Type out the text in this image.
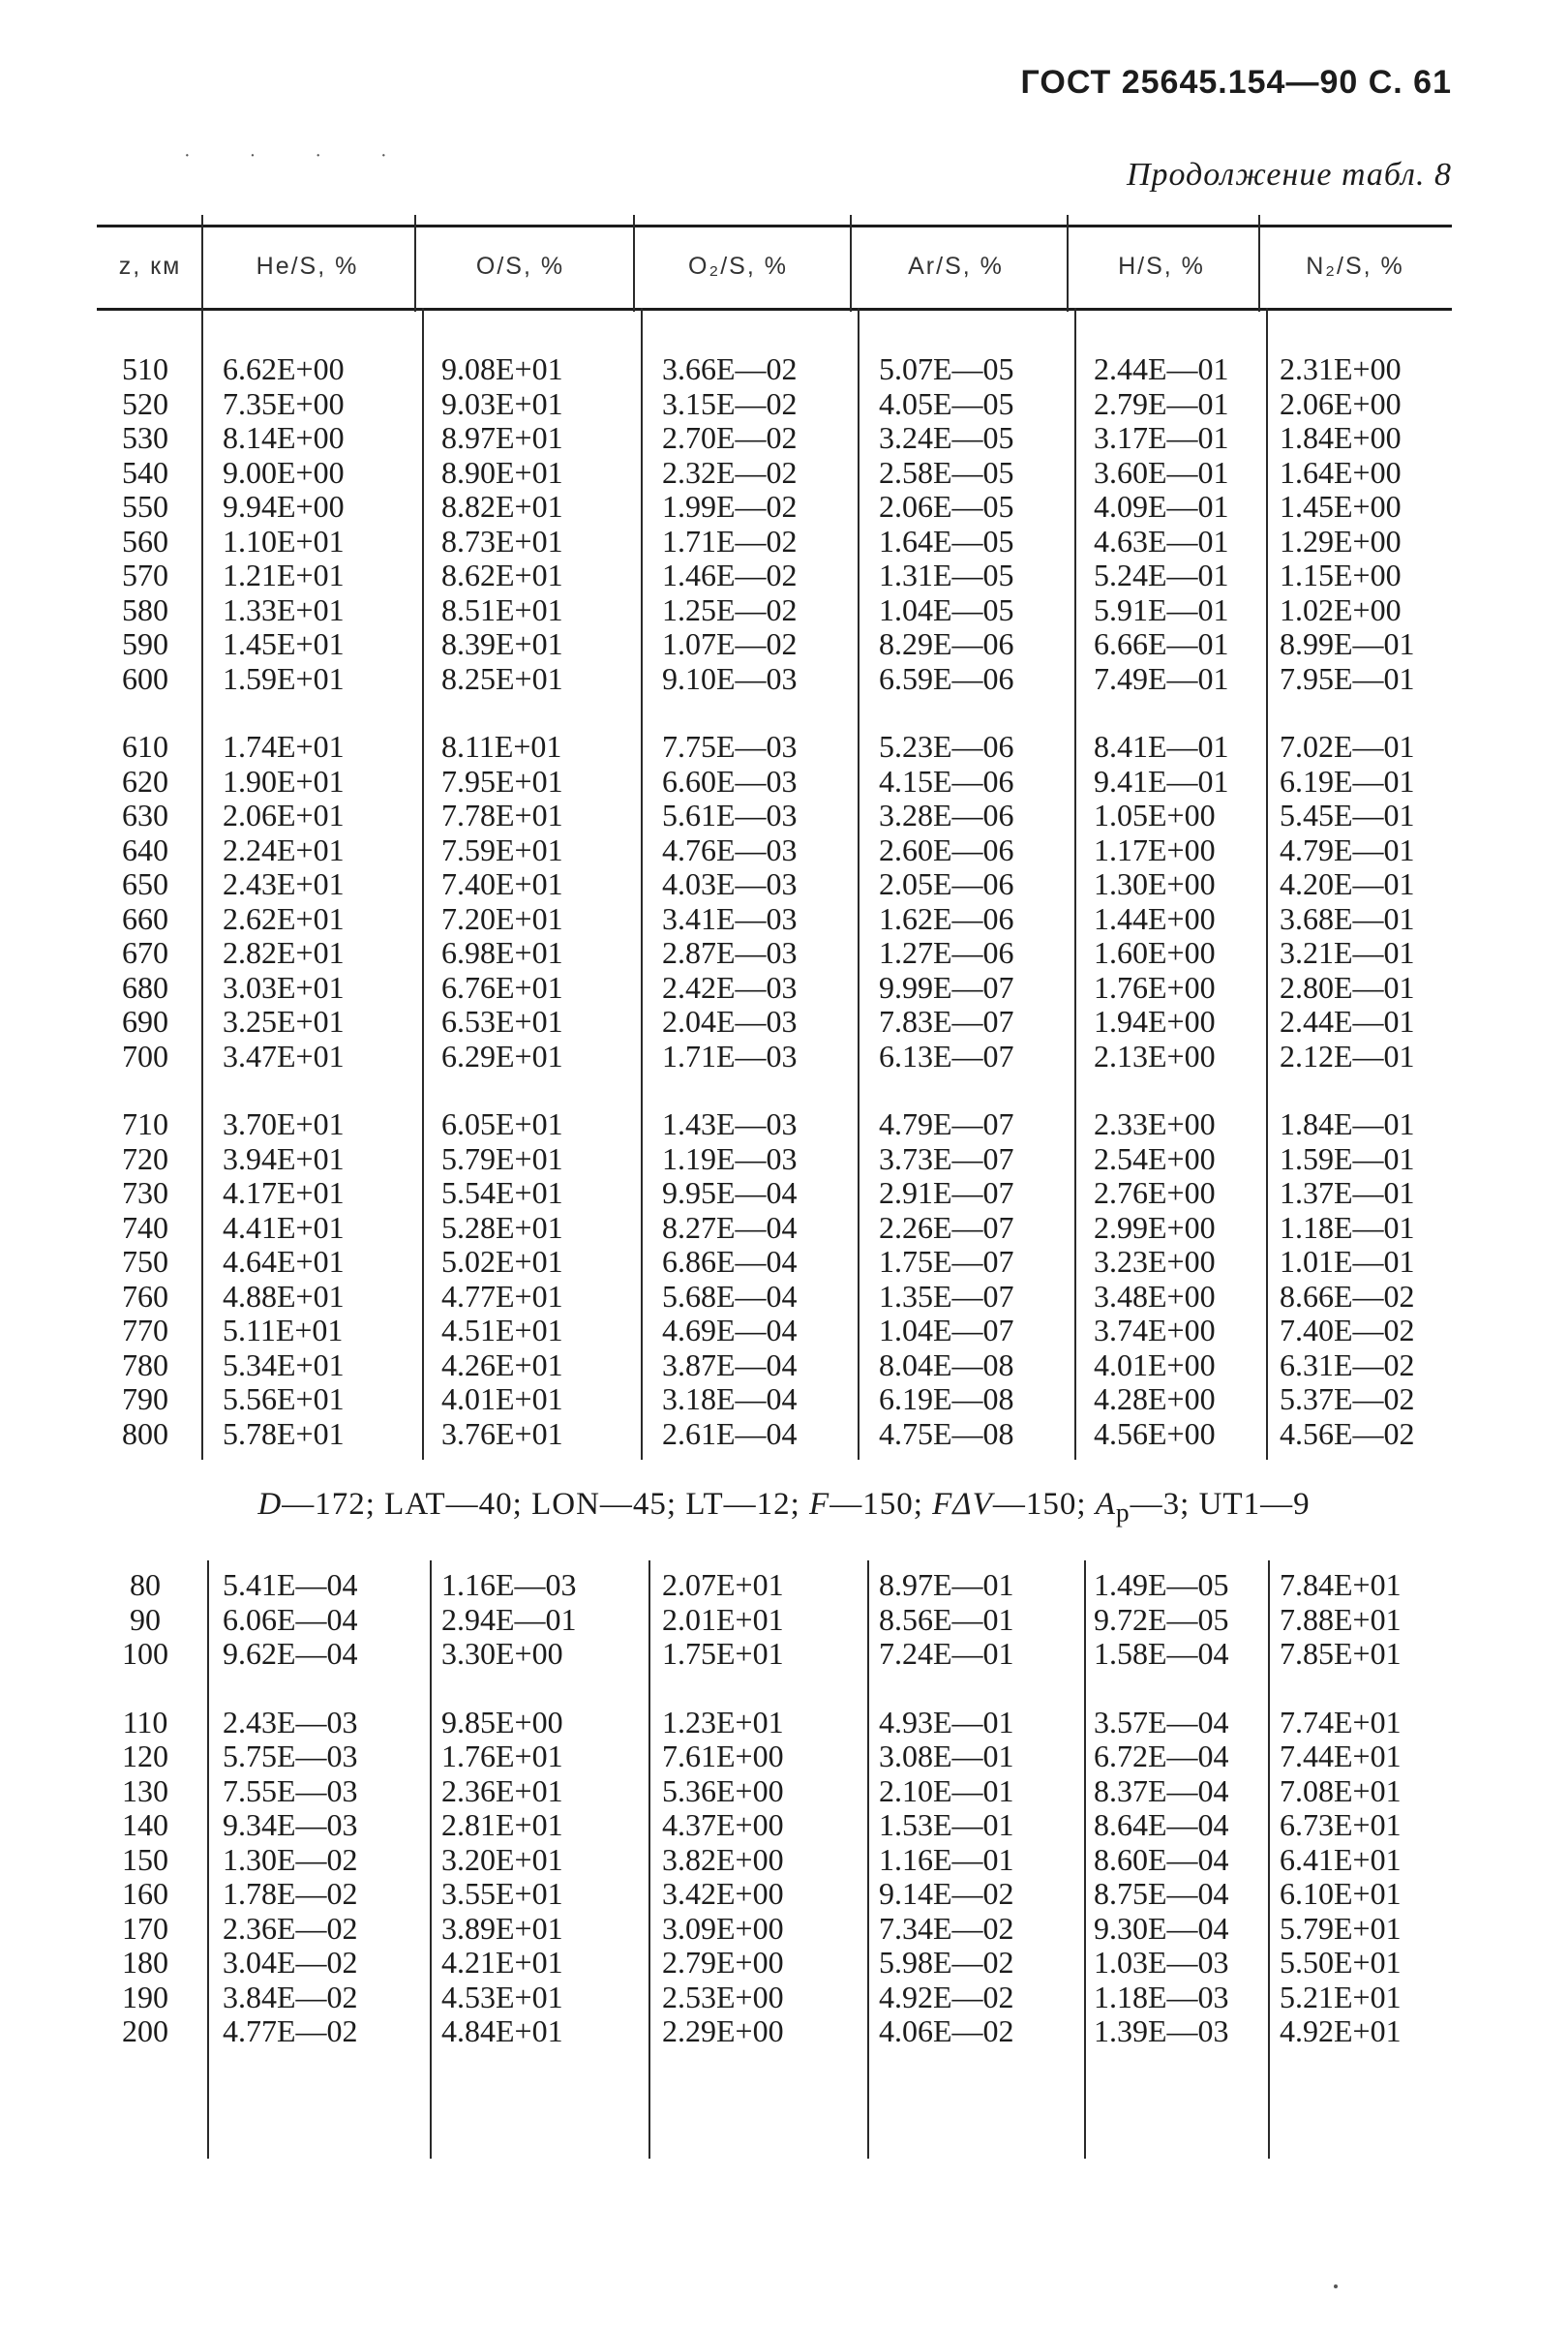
ГОСТ 25645.154—90 С. 61
· · · ·
Продолжение табл. 8
z, км	He/S, %	O/S, %	O₂/S, %	Ar/S, %	H/S, %	N₂/S, %
510	6.62E+00	9.08E+01	3.66E—02	5.07E—05	2.44E—01	2.31E+00
520	7.35E+00	9.03E+01	3.15E—02	4.05E—05	2.79E—01	2.06E+00
530	8.14E+00	8.97E+01	2.70E—02	3.24E—05	3.17E—01	1.84E+00
540	9.00E+00	8.90E+01	2.32E—02	2.58E—05	3.60E—01	1.64E+00
550	9.94E+00	8.82E+01	1.99E—02	2.06E—05	4.09E—01	1.45E+00
560	1.10E+01	8.73E+01	1.71E—02	1.64E—05	4.63E—01	1.29E+00
570	1.21E+01	8.62E+01	1.46E—02	1.31E—05	5.24E—01	1.15E+00
580	1.33E+01	8.51E+01	1.25E—02	1.04E—05	5.91E—01	1.02E+00
590	1.45E+01	8.39E+01	1.07E—02	8.29E—06	6.66E—01	8.99E—01
600	1.59E+01	8.25E+01	9.10E—03	6.59E—06	7.49E—01	7.95E—01
610	1.74E+01	8.11E+01	7.75E—03	5.23E—06	8.41E—01	7.02E—01
620	1.90E+01	7.95E+01	6.60E—03	4.15E—06	9.41E—01	6.19E—01
630	2.06E+01	7.78E+01	5.61E—03	3.28E—06	1.05E+00	5.45E—01
640	2.24E+01	7.59E+01	4.76E—03	2.60E—06	1.17E+00	4.79E—01
650	2.43E+01	7.40E+01	4.03E—03	2.05E—06	1.30E+00	4.20E—01
660	2.62E+01	7.20E+01	3.41E—03	1.62E—06	1.44E+00	3.68E—01
670	2.82E+01	6.98E+01	2.87E—03	1.27E—06	1.60E+00	3.21E—01
680	3.03E+01	6.76E+01	2.42E—03	9.99E—07	1.76E+00	2.80E—01
690	3.25E+01	6.53E+01	2.04E—03	7.83E—07	1.94E+00	2.44E—01
700	3.47E+01	6.29E+01	1.71E—03	6.13E—07	2.13E+00	2.12E—01
710	3.70E+01	6.05E+01	1.43E—03	4.79E—07	2.33E+00	1.84E—01
720	3.94E+01	5.79E+01	1.19E—03	3.73E—07	2.54E+00	1.59E—01
730	4.17E+01	5.54E+01	9.95E—04	2.91E—07	2.76E+00	1.37E—01
740	4.41E+01	5.28E+01	8.27E—04	2.26E—07	2.99E+00	1.18E—01
750	4.64E+01	5.02E+01	6.86E—04	1.75E—07	3.23E+00	1.01E—01
760	4.88E+01	4.77E+01	5.68E—04	1.35E—07	3.48E+00	8.66E—02
770	5.11E+01	4.51E+01	4.69E—04	1.04E—07	3.74E+00	7.40E—02
780	5.34E+01	4.26E+01	3.87E—04	8.04E—08	4.01E+00	6.31E—02
790	5.56E+01	4.01E+01	3.18E—04	6.19E—08	4.28E+00	5.37E—02
800	5.78E+01	3.76E+01	2.61E—04	4.75E—08	4.56E+00	4.56E—02
D—172; LAT—40; LON—45; LT—12; F—150; FΔV—150; $A_p—3$; UT1—9
80	5.41E—04	1.16E—03	2.07E+01	8.97E—01	1.49E—05	7.84E+01
90	6.06E—04	2.94E—01	2.01E+01	8.56E—01	9.72E—05	7.88E+01
100	9.62E—04	3.30E+00	1.75E+01	7.24E—01	1.58E—04	7.85E+01
110	2.43E—03	9.85E+00	1.23E+01	4.93E—01	3.57E—04	7.74E+01
120	5.75E—03	1.76E+01	7.61E+00	3.08E—01	6.72E—04	7.44E+01
130	7.55E—03	2.36E+01	5.36E+00	2.10E—01	8.37E—04	7.08E+01
140	9.34E—03	2.81E+01	4.37E+00	1.53E—01	8.64E—04	6.73E+01
150	1.30E—02	3.20E+01	3.82E+00	1.16E—01	8.60E—04	6.41E+01
160	1.78E—02	3.55E+01	3.42E+00	9.14E—02	8.75E—04	6.10E+01
170	2.36E—02	3.89E+01	3.09E+00	7.34E—02	9.30E—04	5.79E+01
180	3.04E—02	4.21E+01	2.79E+00	5.98E—02	1.03E—03	5.50E+01
190	3.84E—02	4.53E+01	2.53E+00	4.92E—02	1.18E—03	5.21E+01
200	4.77E—02	4.84E+01	2.29E+00	4.06E—02	1.39E—03	4.92E+01
